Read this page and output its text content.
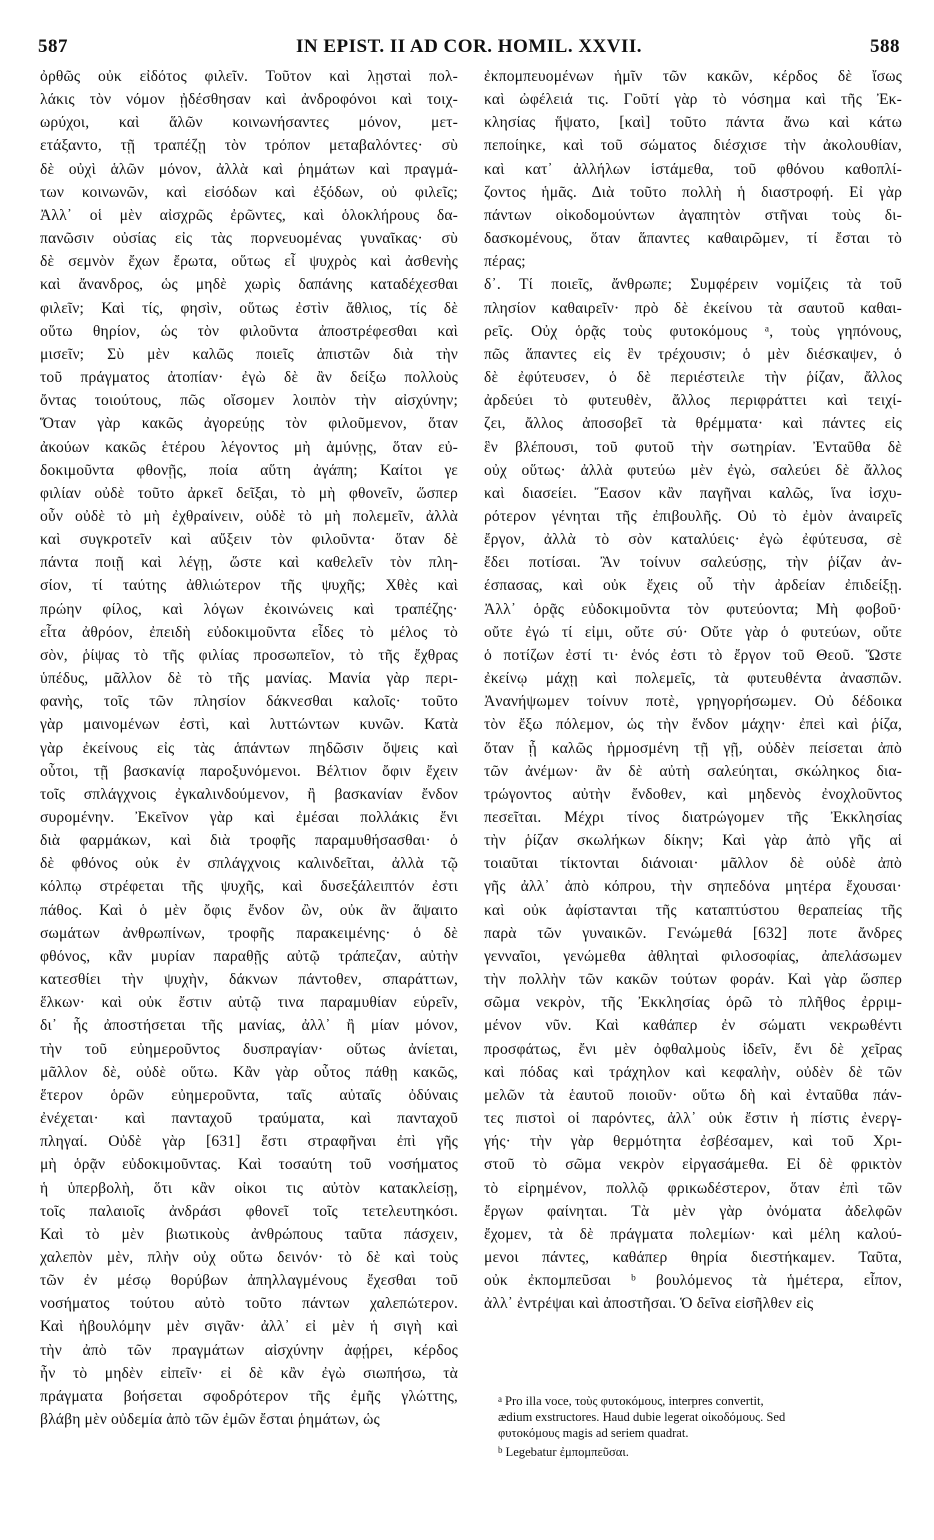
587	IN EPIST. II AD COR. HOMIL. XXVII.	588
ὀρθῶς οὐκ εἰδότος φιλεῖν. Τοῦτον καὶ λῃσταὶ πολ-
λάκις τὸν νόμον ᾐδέσθησαν καὶ ἀνδροφόνοι καὶ τοιχ-
ωρύχοι, καὶ ἅλῶν κοινωνήσαντες μόνον, μετ-
ετάξαντο, τῇ τραπέζῃ τὸν τρόπον μεταβαλόντες· σὺ
δὲ οὐχὶ ἁλῶν μόνον, ἀλλὰ καὶ ῥημάτων καὶ πραγμά-
των κοινωνῶν, καὶ εἰσόδων καὶ ἐξόδων, οὐ φιλεῖς;
Ἀλλ᾽ οἱ μὲν αἰσχρῶς ἐρῶντες, καὶ ὁλοκλήρους δα-
πανῶσιν οὐσίας εἰς τὰς πορνευομένας γυναῖκας· σὺ
δὲ σεμνὸν ἔχων ἔρωτα, οὕτως εἶ ψυχρὸς καὶ ἀσθενὴς
καὶ ἄνανδρος, ὡς μηδὲ χωρὶς δαπάνης καταδέχεσθαι
φιλεῖν; Καὶ τίς, φησὶν, οὕτως ἐστὶν ἄθλιος, τίς δὲ
οὕτω θηρίον, ὡς τὸν φιλοῦντα ἀποστρέφεσθαι καὶ
μισεῖν; Σὺ μὲν καλῶς ποιεῖς ἀπιστῶν διὰ τὴν
τοῦ πράγματος ἀτοπίαν· ἐγὼ δὲ ἂν δείξω πολλοὺς
ὄντας τοιούτους, πῶς οἴσομεν λοιπὸν τὴν αἰσχύνην;
Ὅταν γὰρ κακῶς ἀγορεύῃς τὸν φιλοῦμενον, ὅταν
ἀκούων κακῶς ἑτέρου λέγοντος μὴ ἀμύνῃς, ὅταν εὐ-
δοκιμοῦντα φθονῇς, ποία αὕτη ἀγάπη; Καίτοι γε
φιλίαν οὐδὲ τοῦτο ἀρκεῖ δεῖξαι, τὸ μὴ φθονεῖν, ὥσπερ
οὖν οὐδὲ τὸ μὴ ἐχθραίνειν, οὐδὲ τὸ μὴ πολεμεῖν, ἀλλὰ
καὶ συγκροτεῖν καὶ αὔξειν τὸν φιλοῦντα· ὅταν δὲ
πάντα ποιῇ καὶ λέγῃ, ὥστε καὶ καθελεῖν τὸν πλη-
σίον, τί ταύτης ἀθλιώτερον τῆς ψυχῆς; Χθὲς καὶ
πρώην φίλος, καὶ λόγων ἐκοινώνεις καὶ τραπέζης·
εἶτα ἀθρόον, ἐπειδὴ εὐδοκιμοῦντα εἶδες τὸ μέλος τὸ
σὸν, ῥίψας τὸ τῆς φιλίας προσωπεῖον, τὸ τῆς ἔχθρας
ὑπέδυς, μᾶλλον δὲ τὸ τῆς μανίας. Μανία γὰρ περι-
φανὴς, τοῖς τῶν πλησίον δάκνεσθαι καλοῖς· τοῦτο
γὰρ μαινομένων ἐστὶ, καὶ λυττώντων κυνῶν. Κατὰ
γὰρ ἐκείνους εἰς τὰς ἁπάντων πηδῶσιν ὄψεις καὶ
οὗτοι, τῇ βασκανίᾳ παροξυνόμενοι. Βέλτιον ὄφιν ἔχειν
τοῖς σπλάγχνοις ἐγκαλινδούμενον, ἢ βασκανίαν ἔνδον
συρομένην. Ἐκεῖνον γὰρ καὶ ἐμέσαι πολλάκις ἔνι
διὰ φαρμάκων, καὶ διὰ τροφῆς παραμυθήσασθαι· ὁ
δὲ φθόνος οὐκ ἐν σπλάγχνοις καλινδεῖται, ἀλλὰ τῷ
κόλπῳ στρέφεται τῆς ψυχῆς, καὶ δυσεξάλειπτόν ἐστι
πάθος. Καὶ ὁ μὲν ὄφις ἔνδον ὢν, οὐκ ἂν ἅψαιτο
σωμάτων ἀνθρωπίνων, τροφῆς παρακειμένης· ὁ δὲ
φθόνος, κἂν μυρίαν παραθῇς αὐτῷ τράπεζαν, αὐτὴν
κατεσθίει τὴν ψυχὴν, δάκνων πάντοθεν, σπαράττων,
ἕλκων· καὶ οὐκ ἔστιν αὐτῷ τινα παραμυθίαν εὑρεῖν,
δι᾽ ἧς ἀποστήσεται τῆς μανίας, ἀλλ᾽ ἢ μίαν μόνον,
τὴν τοῦ εὐημεροῦντος δυσπραγίαν· οὕτως ἀνίεται,
μᾶλλον δὲ, οὐδὲ οὕτω. Κἂν γὰρ οὗτος πάθῃ κακῶς,
ἕτερον ὁρῶν εὐημεροῦντα, ταῖς αὐταῖς ὀδύναις
ἐνέχεται· καὶ πανταχοῦ τραύματα, καὶ πανταχοῦ
πληγαί. Οὐδὲ γὰρ [631] ἔστι στραφῆναι ἐπὶ γῆς
μὴ ὁρᾷν εὐδοκιμοῦντας. Καὶ τοσαύτη τοῦ νοσήματος
ἡ ὑπερβολὴ, ὅτι κἂν οἰκοι τις αὐτὸν κατακλείσῃ,
τοῖς παλαιοῖς ἀνδράσι φθονεῖ τοῖς τετελευτηκόσι.
Καὶ τὸ μὲν βιωτικοὺς ἀνθρώπους ταῦτα πάσχειν,
χαλεπὸν μὲν, πλὴν οὐχ οὕτω δεινόν· τὸ δὲ καὶ τοὺς
τῶν ἐν μέσῳ θορύβων ἀπηλλαγμένους ἔχεσθαι τοῦ
νοσήματος τούτου αὐτὸ τοῦτο πάντων χαλεπώτερον.
Καὶ ἠβουλόμην μὲν σιγᾶν· ἀλλ᾽ εἰ μὲν ἡ σιγὴ καὶ
τὴν ἀπὸ τῶν πραγμάτων αἰσχύνην ἀφῄρει, κέρδος
ἦν τὸ μηδὲν εἰπεῖν· εἰ δὲ κἂν ἐγὼ σιωπήσω, τὰ
πράγματα βοήσεται σφοδρότερον τῆς ἐμῆς γλώττης,
βλάβη μὲν οὐδεμία ἀπὸ τῶν ἐμῶν ἔσται ῥημάτων, ὡς
ἐκπομπευομένων ἡμῖν τῶν κακῶν, κέρδος δὲ ἴσως
καὶ ὠφέλειά τις. Γοῦτί γὰρ τὸ νόσημα καὶ τῆς Ἐκ-
κλησίας ἥψατο, [καὶ] τοῦτο πάντα ἄνω καὶ κάτω
πεποίηκε, καὶ τοῦ σώματος διέσχισε τὴν ἀκολουθίαν,
καὶ κατ᾽ ἀλλήλων ἱστάμεθα, τοῦ φθόνου καθοπλί-
ζοντος ἡμᾶς. Διὰ τοῦτο πολλὴ ἡ διαστροφή. Εἰ γὰρ
πάντων οἰκοδομούντων ἀγαπητὸν στῆναι τοὺς δι-
δασκομένους, ὅταν ἅπαντες καθαιρῶμεν, τί ἔσται τὸ
πέρας;
δ᾽. Τί ποιεῖς, ἄνθρωπε; Συμφέρειν νομίζεις τὰ τοῦ
πλησίον καθαιρεῖν· πρὸ δὲ ἐκείνου τὰ σαυτοῦ καθαι-
ρεῖς. Οὐχ ὁρᾷς τοὺς φυτοκόμους ᵃ, τοὺς γηπόνους,
πῶς ἅπαντες εἰς ἓν τρέχουσιν; ὁ μὲν διέσκαψεν, ὁ
δὲ ἐφύτευσεν, ὁ δὲ περιέστειλε τὴν ῥίζαν, ἄλλος
ἀρδεύει τὸ φυτευθὲν, ἄλλος περιφράττει καὶ τειχί-
ζει, ἄλλος ἀποσοβεῖ τὰ θρέμματα· καὶ πάντες εἰς
ἓν βλέπουσι, τοῦ φυτοῦ τὴν σωτηρίαν. Ἐνταῦθα δὲ
οὐχ οὕτως· ἀλλὰ φυτεύω μὲν ἐγὼ, σαλεύει δὲ ἄλλος
καὶ διασείει. Ἔασον κἂν παγῆναι καλῶς, ἵνα ἰσχυ-
ρότερον γένηται τῆς ἐπιβουλῆς. Οὐ τὸ ἐμὸν ἀναιρεῖς
ἔργον, ἀλλὰ τὸ σὸν καταλύεις· ἐγὼ ἐφύτευσα, σὲ
ἔδει ποτίσαι. Ἂν τοίνυν σαλεύσῃς, τὴν ῥίζαν ἀν-
έσπασας, καὶ οὐκ ἔχεις οὗ τὴν ἀρδείαν ἐπιδείξῃ.
Ἀλλ᾽ ὁρᾷς εὐδοκιμοῦντα τὸν φυτεύοντα; Μὴ φοβοῦ·
οὔτε ἐγώ τί εἰμι, οὔτε σύ· Οὔτε γὰρ ὁ φυτεύων, οὔτε
ὁ ποτίζων ἐστί τι· ἑνός ἐστι τὸ ἔργον τοῦ Θεοῦ. Ὥστε
ἐκείνῳ μάχῃ καὶ πολεμεῖς, τὰ φυτευθέντα ἀνασπῶν.
Ἀνανήψωμεν τοίνυν ποτὲ, γρηγορήσωμεν. Οὐ δέδοικα
τὸν ἔξω πόλεμον, ὡς τὴν ἔνδον μάχην· ἐπεὶ καὶ ῥίζα,
ὅταν ᾖ καλῶς ἡρμοσμένη τῇ γῇ, οὐδὲν πείσεται ἀπὸ
τῶν ἀνέμων· ἂν δὲ αὐτὴ σαλεύηται, σκώληκος δια-
τρώγοντος αὐτὴν ἔνδοθεν, καὶ μηδενὸς ἐνοχλοῦντος
πεσεῖται. Μέχρι τίνος διατρώγομεν τῆς Ἐκκλησίας
τὴν ῥίζαν σκωλήκων δίκην; Καὶ γὰρ ἀπὸ γῆς αἱ
τοιαῦται τίκτονται διάνοιαι· μᾶλλον δὲ οὐδὲ ἀπὸ
γῆς ἀλλ᾽ ἀπὸ κόπρου, τὴν σηπεδόνα μητέρα ἔχουσαι·
καὶ οὐκ ἀφίστανται τῆς καταπτύστου θεραπείας τῆς
παρὰ τῶν γυναικῶν. Γενώμεθά [632] ποτε ἄνδρες
γενναῖοι, γενώμεθα ἀθληταὶ φιλοσοφίας, ἀπελάσωμεν
τὴν πολλὴν τῶν κακῶν τούτων φοράν. Καὶ γὰρ ὥσπερ
σῶμα νεκρὸν, τῆς Ἐκκλησίας ὁρῶ τὸ πλῆθος ἐρριμ-
μένον νῦν. Καὶ καθάπερ ἐν σώματι νεκρωθέντι
προσφάτως, ἔνι μὲν ὀφθαλμοὺς ἰδεῖν, ἔνι δὲ χεῖρας
καὶ πόδας καὶ τράχηλον καὶ κεφαλὴν, οὐδὲν δὲ τῶν
μελῶν τὰ ἑαυτοῦ ποιοῦν· οὕτω δὴ καὶ ἐνταῦθα πάν-
τες πιστοὶ οἱ παρόντες, ἀλλ᾽ οὐκ ἔστιν ἡ πίστις ἐνεργ-
γής· τὴν γὰρ θερμότητα ἐσβέσαμεν, καὶ τοῦ Χρι-
στοῦ τὸ σῶμα νεκρὸν εἰργασάμεθα. Εἰ δὲ φρικτὸν
τὸ εἰρημένον, πολλῷ φρικωδέστερον, ὅταν ἐπὶ τῶν
ἔργων φαίνηται. Τὰ μὲν γὰρ ὀνόματα ἀδελφῶν
ἔχομεν, τὰ δὲ πράγματα πολεμίων· καὶ μέλη καλού-
μενοι πάντες, καθάπερ θηρία διεστήκαμεν. Ταῦτα,
οὐκ ἐκπομπεῦσαι ᵇ βουλόμενος τὰ ἡμέτερα, εἶπον,
ἀλλ᾽ ἐντρέψαι καὶ ἀποστῆσαι. Ὁ δεῖνα εἰσῆλθεν εἰς
$^a$ Pro illa voce, τοὺς φυτοκόμους, interpres convertit,
ædium exstructores. Haud dubie legerat οἰκοδόμους. Sed
φυτοκόμους magis ad seriem quadrat.
$^b$ Legebatur ἐμπομπεῦσαι.
